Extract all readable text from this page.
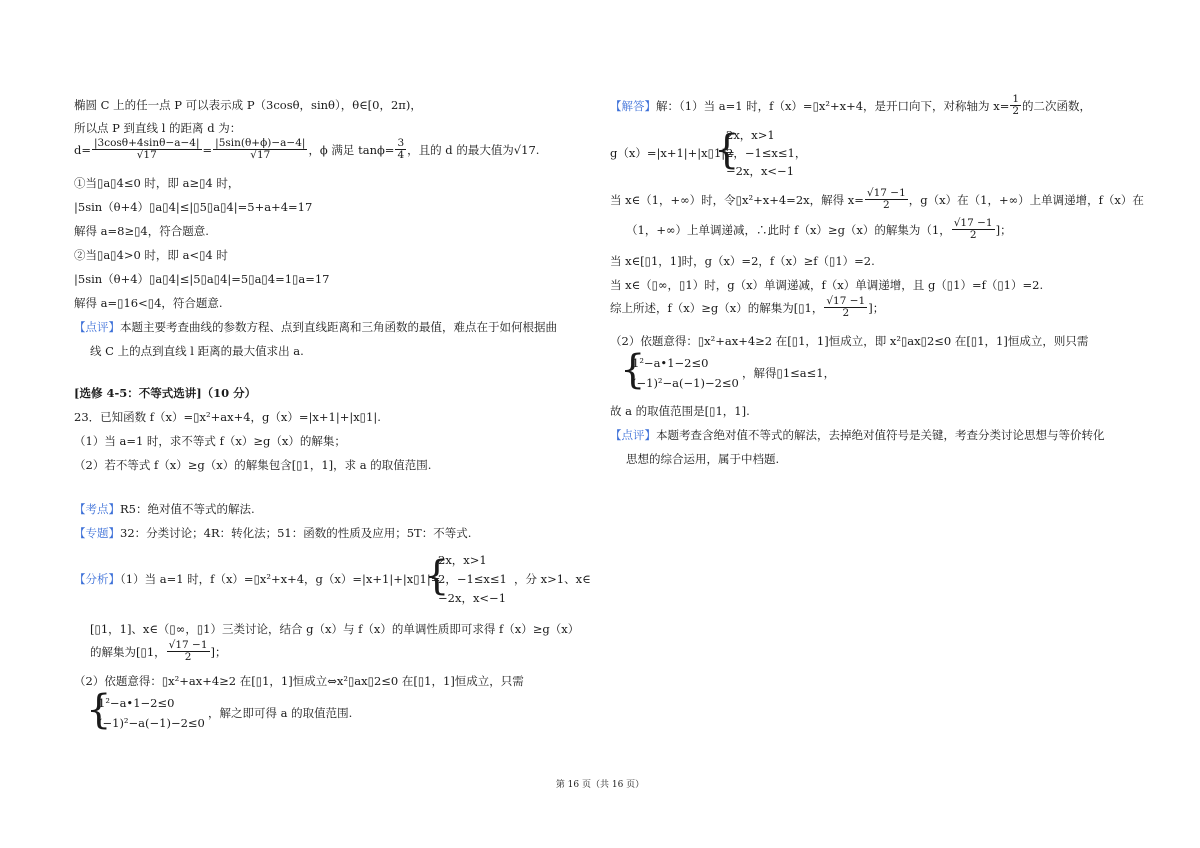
椭圆 C 上的任一点 P 可以表示成 P（3cosθ，sinθ），θ∈[0，2π)，
所以点 P 到直线 l 的距离 d 为：
$d= \frac{|3\cos\theta+4\sin\theta-a-4|}{√17} = \frac{|5\sin(\theta+\phi)-a-4|}{√17}$ ，ϕ 满足 $\tan\phi= \frac{3}{4}$ ，且的 d 的最大值为√17.
①当▯a▯4≤0 时，即 a≥▯4 时，
|5sin（θ+4）▯a▯4|≤|▯5▯a▯4|=5+a+4=17
解得 a=8≥▯4，符合题意.
②当▯a▯4>0 时，即 a<▯4 时
|5sin（θ+4）▯a▯4|≤|5▯a▯4|=5▯a▯4=1▯a=17
解得 a=▯16<▯4，符合题意.
【点评】本题主要考查曲线的参数方程、点到直线距离和三角函数的最值，难点在于如何根据曲
线 C 上的点到直线 l 距离的最大值求出 a.
[选修 4-5：不等式选讲]（10 分）
23．已知函数 f（x）=▯x²+ax+4，g（x）=|x+1|+|x▯1|.
（1）当 a=1 时，求不等式 f（x）≥g（x）的解集；
（2）若不等式 f（x）≥g（x）的解集包含[▯1，1]，求 a 的取值范围.
【考点】R5：绝对值不等式的解法.
【专题】32：分类讨论；4R：转化法；51：函数的性质及应用；5T：不等式.
【分析】（1）当 a=1 时，f（x）=▯x²+x+4，g（x）=|x+1|+|x▯1|=
{
2x，x>1
2，−1≤x≤1
−2x，x<−1
，分 x>1、x∈
[▯1，1]、x∈（▯∞，▯1）三类讨论，结合 g（x）与 f（x）的单调性质即可求得 f（x）≥g（x）
的解集为[▯1， $\frac{√17 -1}{2}$ ]；
（2）依题意得：▯x²+ax+4≥2 在[▯1，1]恒成立⇔x²▯ax▯2≤0 在[▯1，1]恒成立，只需
{
1²−a•1−2≤0
(−1)²−a(−1)−2≤0
，解之即可得 a 的取值范围.
【解答】 解：（1）当 a=1 时，f（x）=▯x²+x+4，是开口向下，对称轴为 $x= \frac{1}{2}$ 的二次函数，
g（x）=|x+1|+|x▯1|=
{
2x，x>1
2，−1≤x≤1，
−2x，x<−1
当 x∈（1，+∞）时，令▯x²+x+4=2x，解得 $x= \frac{√17 -1}{2}$ ，g（x）在（1，+∞）上单调递增，f（x）在
（1，+∞）上单调递减，∴此时 f（x）≥g（x）的解集为（1， $\frac{√17 -1}{2}$ ]；
当 x∈[▯1，1]时，g（x）=2，f（x）≥f（▯1）=2.
当 x∈（▯∞，▯1）时，g（x）单调递减，f（x）单调递增，且 g（▯1）=f（▯1）=2.
综上所述，f（x）≥g（x）的解集为[▯1， $\frac{√17 -1}{2}$ ]；
（2）依题意得：▯x²+ax+4≥2 在[▯1，1]恒成立，即 x²▯ax▯2≤0 在[▯1，1]恒成立，则只需
{
1²−a•1−2≤0
(−1)²−a(−1)−2≤0
，解得▯1≤a≤1，
故 a 的取值范围是[▯1，1].
【点评】本题考查含绝对值不等式的解法，去掉绝对值符号是关键，考查分类讨论思想与等价转化
思想的综合运用，属于中档题.
第 16 页（共 16 页）
